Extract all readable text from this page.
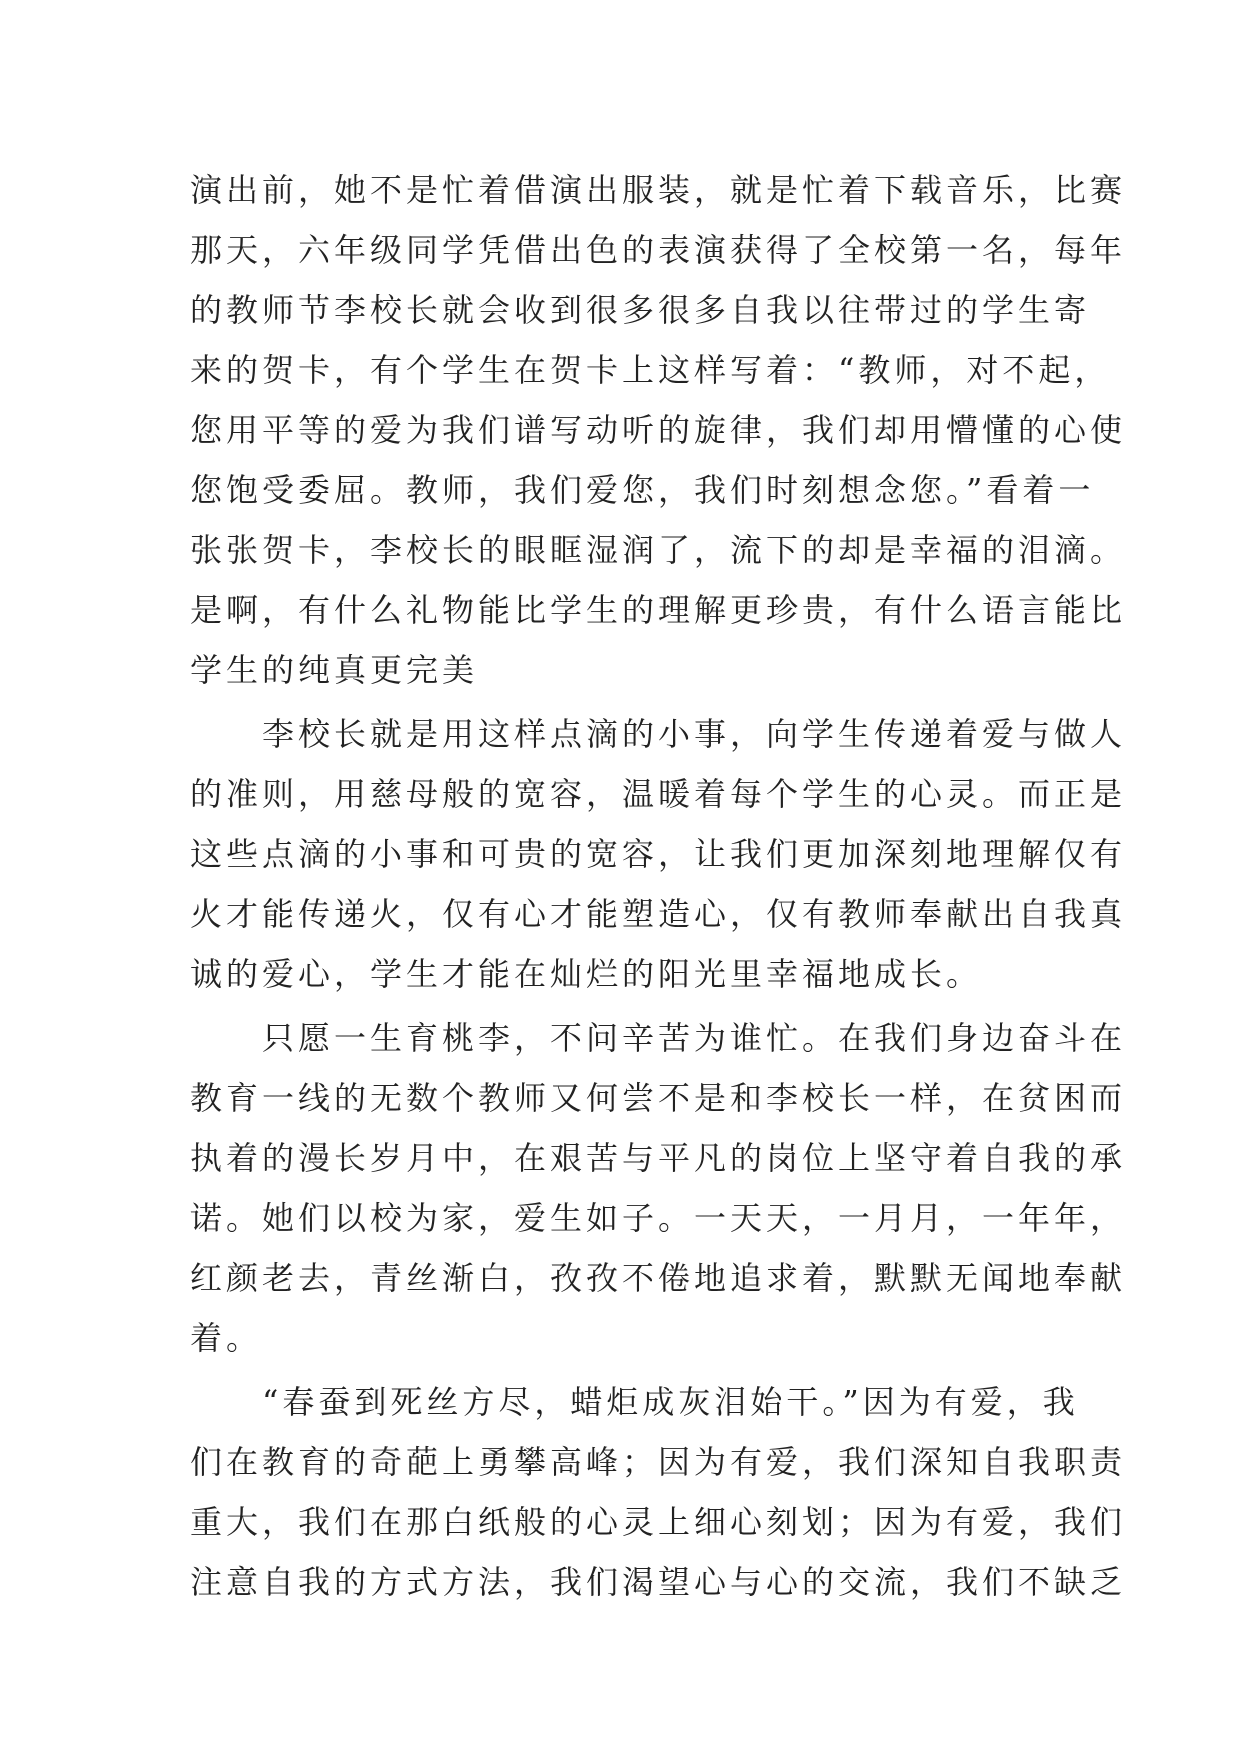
演出前，她不是忙着借演出服装，就是忙着下载音乐，比赛
那天，六年级同学凭借出色的表演获得了全校第一名，每年
的教师节李校长就会收到很多很多自我以往带过的学生寄
来的贺卡，有个学生在贺卡上这样写着：“教师，对不起，
您用平等的爱为我们谱写动听的旋律，我们却用懵懂的心使
您饱受委屈。教师，我们爱您，我们时刻想念您。”看着一
张张贺卡，李校长的眼眶湿润了，流下的却是幸福的泪滴。
是啊，有什么礼物能比学生的理解更珍贵，有什么语言能比
学生的纯真更完美
　　李校长就是用这样点滴的小事，向学生传递着爱与做人
的准则，用慈母般的宽容，温暖着每个学生的心灵。而正是
这些点滴的小事和可贵的宽容，让我们更加深刻地理解仅有
火才能传递火，仅有心才能塑造心，仅有教师奉献出自我真
诚的爱心，学生才能在灿烂的阳光里幸福地成长。
　　只愿一生育桃李，不问辛苦为谁忙。在我们身边奋斗在
教育一线的无数个教师又何尝不是和李校长一样，在贫困而
执着的漫长岁月中，在艰苦与平凡的岗位上坚守着自我的承
诺。她们以校为家，爱生如子。一天天，一月月，一年年，
红颜老去，青丝渐白，孜孜不倦地追求着，默默无闻地奉献
着。
　　“春蚕到死丝方尽，蜡炬成灰泪始干。”因为有爱，我
们在教育的奇葩上勇攀高峰；因为有爱，我们深知自我职责
重大，我们在那白纸般的心灵上细心刻划；因为有爱，我们
注意自我的方式方法，我们渴望心与心的交流，我们不缺乏
